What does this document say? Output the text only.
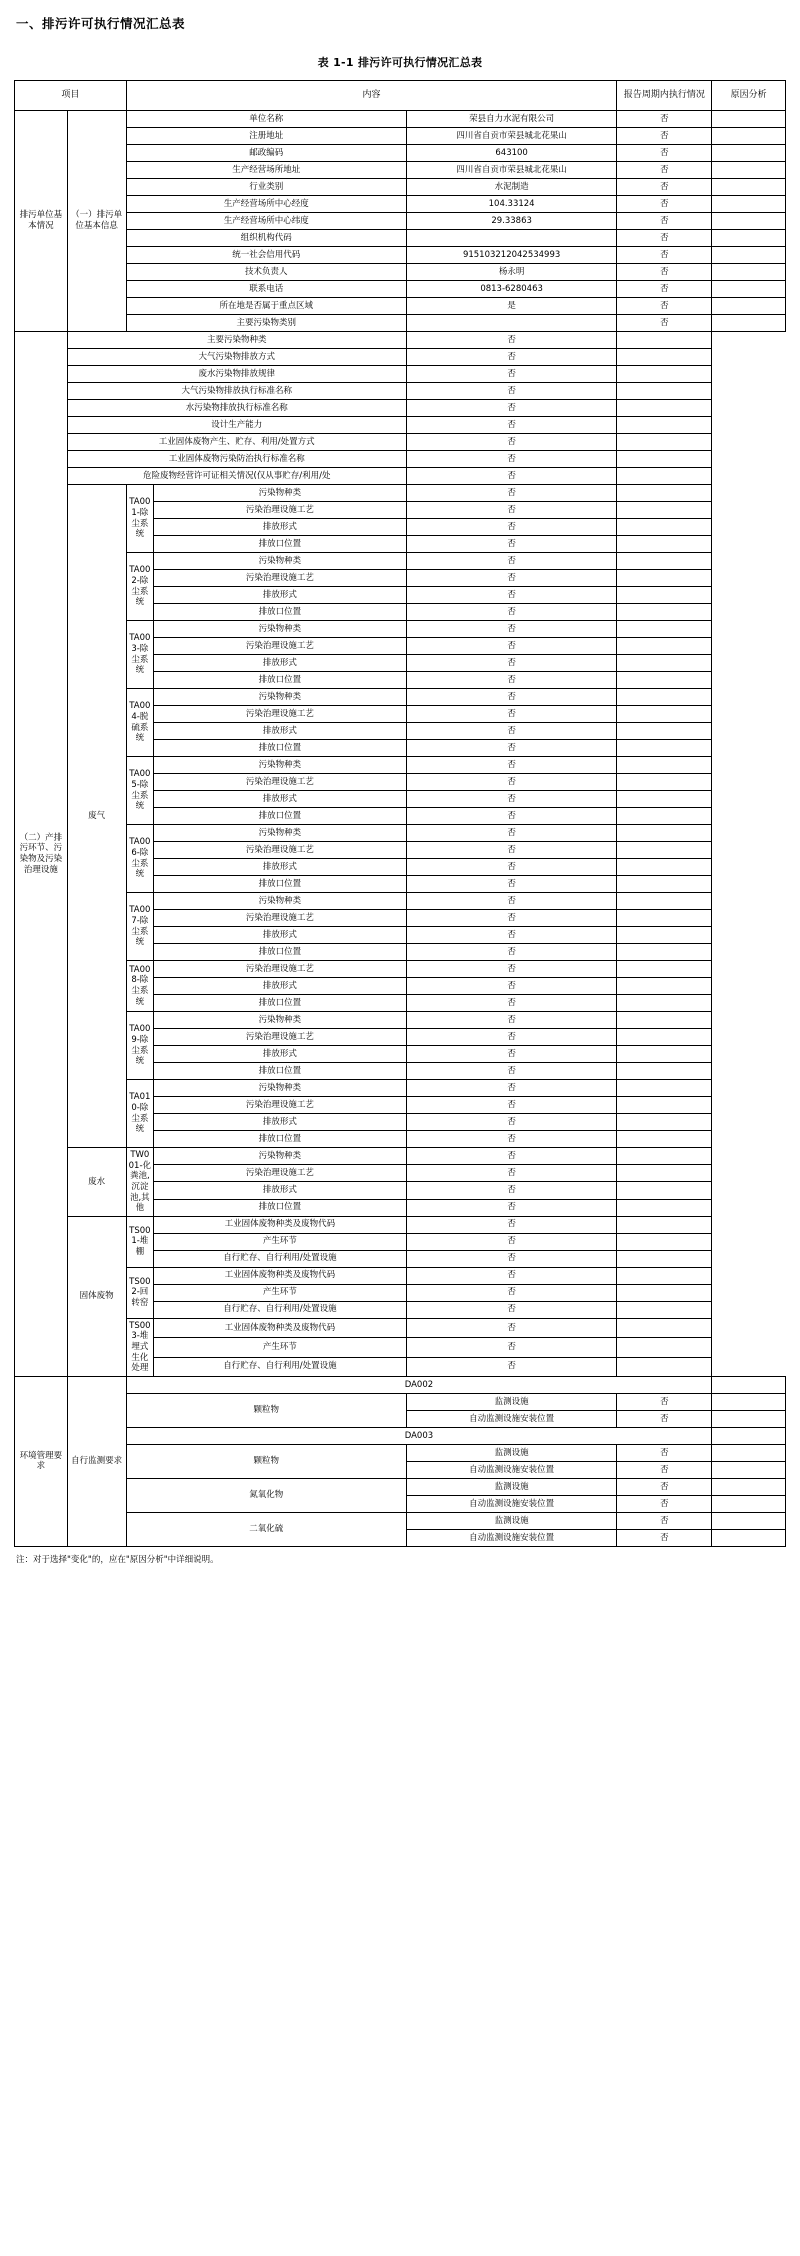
一、排污许可执行情况汇总表
表 1-1 排污许可执行情况汇总表
项目		内容			报告周期内执行情况	原因分析
排污单位基本情况	（一）排污单位基本信息	单位名称		荣县自力水泥有限公司	否	
		注册地址		四川省自贡市荣县城北花果山	否	
		邮政编码		643100	否	
		生产经营场所地址		四川省自贡市荣县城北花果山	否	
		行业类别		水泥制造	否	
		生产经营场所中心经度		104.33124	否	
		生产经营场所中心纬度		29.33863	否	
		组织机构代码			否	
		统一社会信用代码		915103212042534993	否	
		技术负责人		杨永明	否	
		联系电话		0813-6280463	否	
		所在地是否属于重点区域		是	否	
		主要污染物类别			否	
（二）产排污环节、污染物及污染治理设施	主要污染物种类			否		
	大气污染物排放方式			否		
	废水污染物排放规律			否		
	大气污染物排放执行标准名称			否		
	水污染物排放执行标准名称			否		
	设计生产能力			否		
	工业固体废物产生、贮存、利用/处置方式			否		
	工业固体废物污染防治执行标准名称			否		
	危险废物经营许可证相关情况(仅从事贮存/利用/处			否		
	废气	TA001-除尘系统	污染物种类	否		
			污染治理设施工艺	否		
			排放形式	否		
			排放口位置	否		
		TA002-除尘系统	污染物种类	否		
			污染治理设施工艺	否		
			排放形式	否		
			排放口位置	否		
		TA003-除尘系统	污染物种类	否		
			污染治理设施工艺	否		
			排放形式	否		
			排放口位置	否		
		TA004-脱硫系统	污染物种类	否		
			污染治理设施工艺	否		
			排放形式	否		
			排放口位置	否		
		TA005-除尘系统	污染物种类	否		
			污染治理设施工艺	否		
			排放形式	否		
			排放口位置	否		
		TA006-除尘系统	污染物种类	否		
			污染治理设施工艺	否		
			排放形式	否		
			排放口位置	否		
		TA007-除尘系统	污染物种类	否		
			污染治理设施工艺	否		
			排放形式	否		
			排放口位置	否		
		TA008-除尘系统	污染治理设施工艺	否		
			排放形式	否		
			排放口位置	否		
		TA009-除尘系统	污染物种类	否		
			污染治理设施工艺	否		
			排放形式	否		
			排放口位置	否		
		TA010-除尘系统	污染物种类	否		
			污染治理设施工艺	否		
			排放形式	否		
			排放口位置	否		
	废水	TW001-化粪池,沉淀池,其他	污染物种类	否		
			污染治理设施工艺	否		
			排放形式	否		
			排放口位置	否		
	固体废物	TS001-堆棚	工业固体废物种类及废物代码	否		
			产生环节	否		
			自行贮存、自行利用/处置设施	否		
		TS002-回转窑	工业固体废物种类及废物代码	否		
			产生环节	否		
			自行贮存、自行利用/处置设施	否		
		TS003-堆埋式生化处理	工业固体废物种类及废物代码	否		
			产生环节	否		
			自行贮存、自行利用/处置设施	否		
环境管理要求	自行监测要求	DA002				
		颗粒物		监测设施	否	
				自动监测设施安装位置	否	
		DA003				
		颗粒物		监测设施	否	
				自动监测设施安装位置	否	
		氮氧化物		监测设施	否	
				自动监测设施安装位置	否	
		二氧化硫		监测设施	否	
				自动监测设施安装位置	否	
注：对于选择"变化"的，应在"原因分析"中详细说明。
